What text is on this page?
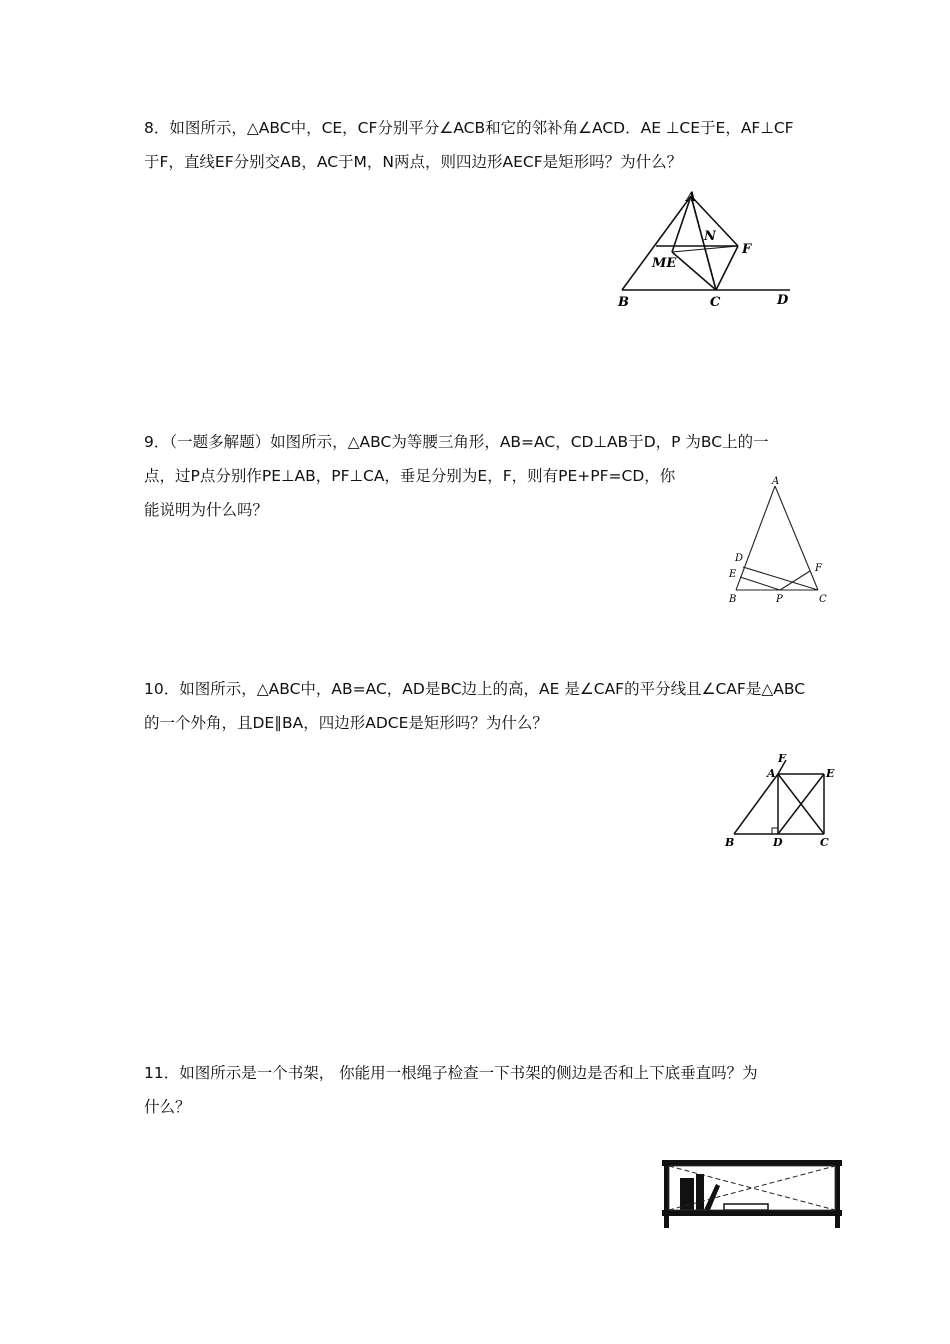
8．如图所示，△ABC中，CE，CF分别平分∠ACB和它的邻补角∠ACD．AE ⊥CE于E，AF⊥CF
于F，直线EF分别交AB，AC于M，N两点，则四边形AECF是矩形吗？为什么？
A
N
F
ME
B	C	D
9．（一题多解题）如图所示，△ABC为等腰三角形，AB=AC，CD⊥AB于D，P 为BC上的一
点，过P点分别作PE⊥AB，PF⊥CA，垂足分别为E，F，则有PE+PF=CD，你
能说明为什么吗？
A
D
E
F
B	P	C
10．如图所示，△ABC中，AB=AC，AD是BC边上的高，AE 是∠CAF的平分线且∠CAF是△ABC
的一个外角，且DE∥BA，四边形ADCE是矩形吗？为什么？
F
A	E
B	D	C
11．如图所示是一个书架， 你能用一根绳子检查一下书架的侧边是否和上下底垂直吗？为
什么？
